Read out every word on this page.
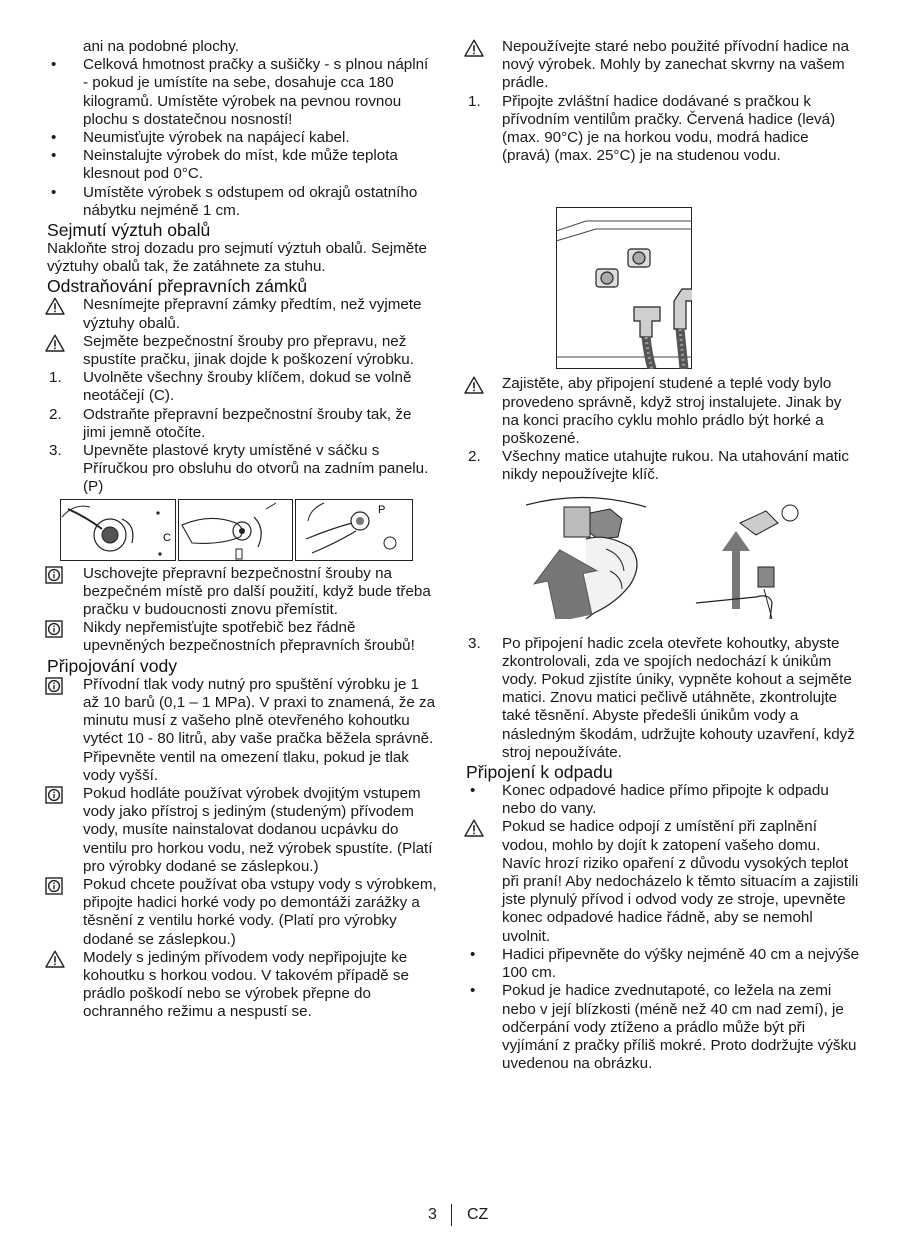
ani na podobné plochy.

•	Celková hmotnost pračky a sušičky - s plnou náplní - pokud je umístíte na sebe, dosahuje cca 180 kilogramů. Umístěte výrobek na pevnou rovnou plochu s dostatečnou nosností!

•	Neumisťujte výrobek na napájecí kabel.

•	Neinstalujte výrobek do míst, kde může teplota klesnout pod 0°C.

•	Umístěte výrobek s odstupem od okrajů ostatního nábytku nejméně 1 cm.

Sejmutí výztuh obalů

Nakloňte stroj dozadu pro sejmutí výztuh obalů. Sejměte výztuhy obalů tak, že zatáhnete za stuhu.

Odstraňování přepravních zámků

Nesnímejte přepravní zámky předtím, než vyjmete výztuhy obalů.

Sejměte bezpečnostní šrouby pro přepravu, než spustíte pračku, jinak dojde k poškození výrobku.

1.	Uvolněte všechny šrouby klíčem, dokud se volně neotáčejí (C).

2.	Odstraňte přepravní bezpečnostní šrouby tak, že jimi jemně otočíte.

3.	Upevněte plastové kryty umístěné v sáčku s Příručkou pro obsluhu do otvorů na zadním panelu. (P)

P
C

Uschovejte přepravní bezpečnostní šrouby na bezpečném místě pro další použití, když bude třeba pračku v budoucnosti znovu přemístit.

Nikdy nepřemisťujte spotřebič bez řádně upevněných bezpečnostních přepravních šroubů!

Připojování vody

Přívodní tlak vody nutný pro spuštění výrobku je 1 až 10 barů (0,1 – 1 MPa). V praxi to znamená, že za minutu musí z vašeho plně otevřeného kohoutku vytéct 10 - 80 litrů, aby vaše pračka běžela správně. Připevněte ventil na omezení tlaku, pokud je tlak vody vyšší.

Pokud hodláte používat výrobek dvojitým vstupem vody jako přístroj s jediným (studeným) přívodem vody, musíte nainstalovat dodanou ucpávku do ventilu pro horkou vodu, než výrobek spustíte. (Platí pro výrobky dodané se záslepkou.)

Pokud chcete používat oba vstupy vody s výrobkem, připojte hadici horké vody po demontáži zarážky a těsnění z ventilu horké vody. (Platí pro výrobky dodané se záslepkou.)

Modely s jediným přívodem vody nepřipojujte ke kohoutku s horkou vodou. V takovém případě se prádlo poškodí nebo se výrobek přepne do ochranného režimu a nespustí se.

Nepoužívejte staré nebo použité přívodní hadice na nový výrobek. Mohly by zanechat skvrny na vašem prádle.

1.	Připojte zvláštní hadice dodávané s pračkou k přívodním ventilům pračky. Červená hadice (levá) (max. 90°C) je na horkou vodu, modrá hadice (pravá) (max. 25°C) je na studenou vodu.

Zajistěte, aby připojení studené a teplé vody bylo provedeno správně, když stroj instalujete. Jinak by na konci pracího cyklu mohlo prádlo být horké a poškozené.

2.	Všechny matice utahujte rukou. Na utahování matic nikdy nepoužívejte klíč.

3.	Po připojení hadic zcela otevřete kohoutky, abyste zkontrolovali, zda ve spojích nedochází k únikům vody. Pokud zjistíte úniky, vypněte kohout a sejměte matici. Znovu matici pečlivě utáhněte, zkontrolujte také těsnění. Abyste předešli únikům vody a následným škodám, udržujte kohouty uzavření, když stroj nepoužíváte.

Připojení k odpadu

•	Konec odpadové hadice přímo připojte k odpadu nebo do vany.

Pokud se hadice odpojí z umístění při zaplnění vodou, mohlo by dojít k zatopení vašeho domu. Navíc hrozí riziko opaření z důvodu vysokých teplot při praní! Aby nedocházelo k těmto situacím a zajistili jste plynulý přívod i odvod vody ze stroje, upevněte konec odpadové hadice řádně, aby se nemohl uvolnit.

•	Hadici připevněte do výšky nejméně 40 cm a nejvýše 100 cm.

•	Pokud je hadice zvednutapoté, co ležela na zemi nebo v její blízkosti (méně než 40 cm nad zemí), je odčerpání vody ztíženo a prádlo může být při vyjímání z pračky příliš mokré. Proto dodržujte výšku uvedenou na obrázku.

3 CZ
